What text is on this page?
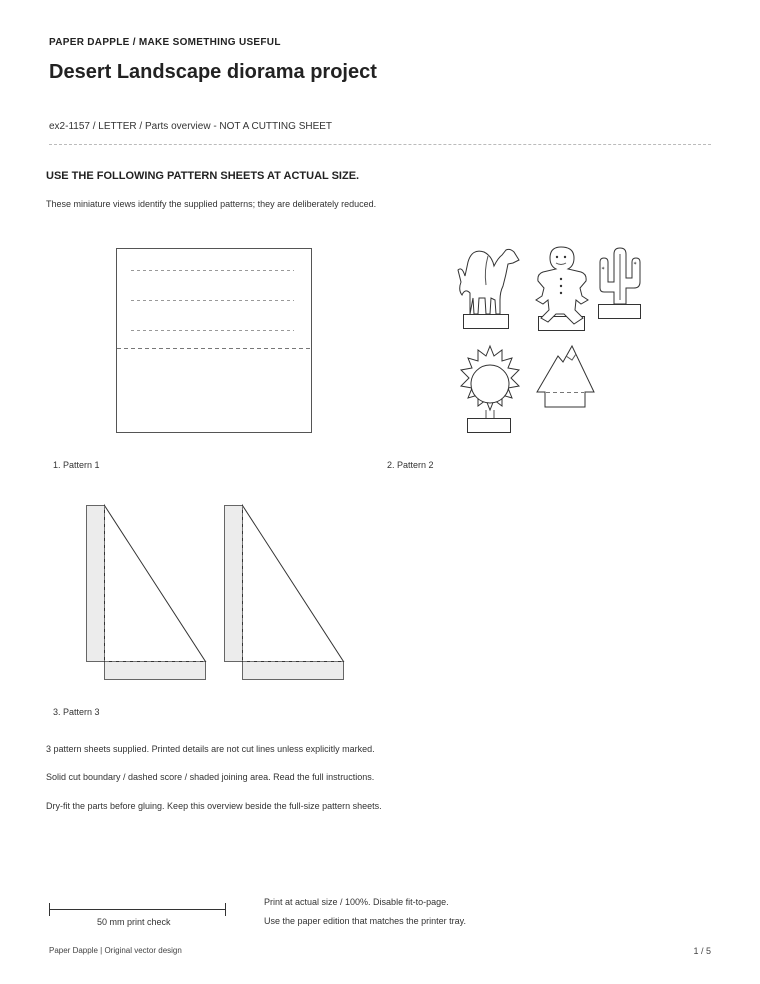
PAPER DAPPLE / MAKE SOMETHING USEFUL
Desert Landscape diorama project
ex2-1157 / LETTER / Parts overview - NOT A CUTTING SHEET
USE THE FOLLOWING PATTERN SHEETS AT ACTUAL SIZE.
These miniature views identify the supplied patterns; they are deliberately reduced.
1. Pattern 1
✶
✶
2. Pattern 2
3. Pattern 3
3 pattern sheets supplied. Printed details are not cut lines unless explicitly marked.
Solid cut boundary / dashed score / shaded joining area. Read the full instructions.
Dry-fit the parts before gluing. Keep this overview beside the full-size pattern sheets.
50 mm print check
Print at actual size / 100%. Disable fit-to-page.
Use the paper edition that matches the printer tray.
Paper Dapple | Original vector design	1 / 5
